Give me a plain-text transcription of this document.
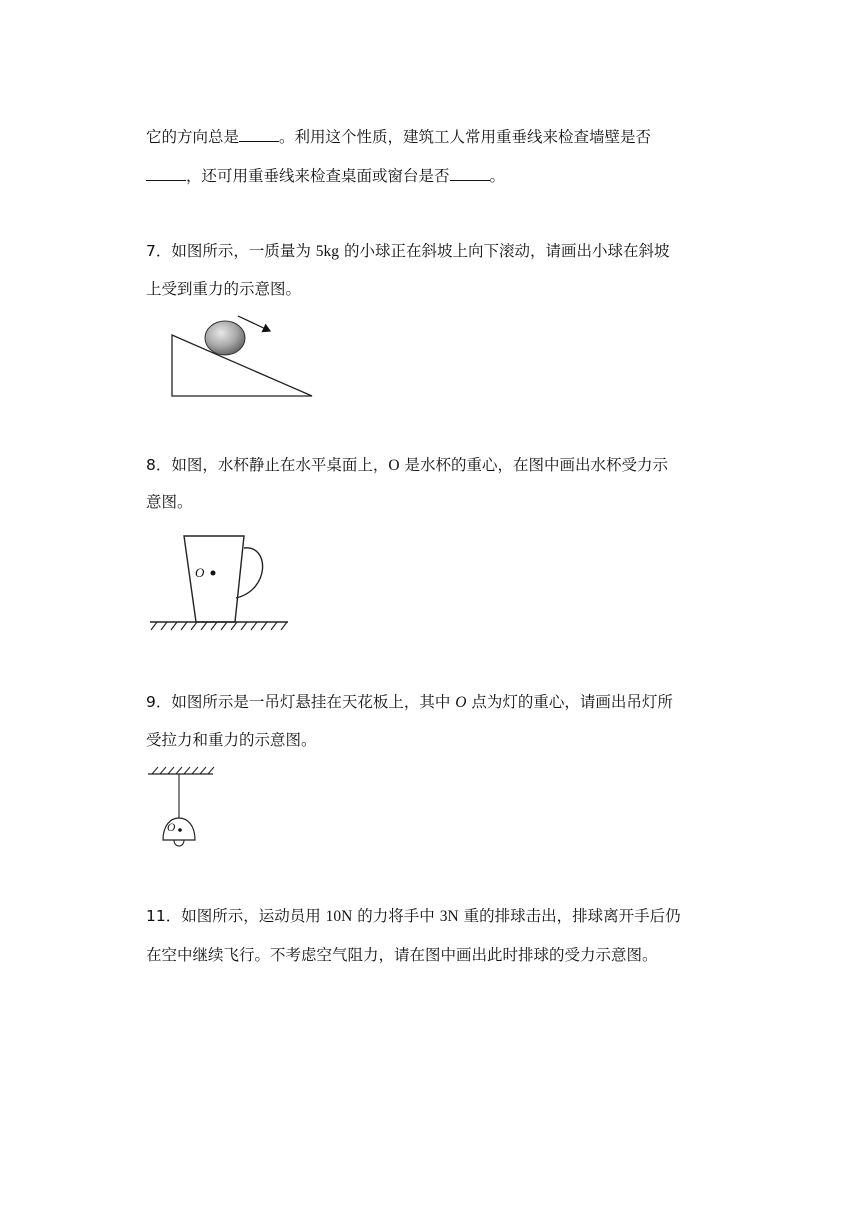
它的方向总是	。利用这个性质，建筑工人常用重垂线来检查墙壁是否
，还可用重垂线来检查桌面或窗台是否	。
7．如图所示，一质量为 5kg 的小球正在斜坡上向下滚动，请画出小球在斜坡
上受到重力的示意图。
8．如图，水杯静止在水平桌面上，O 是水杯的重心，在图中画出水杯受力示
意图。
O
9．如图所示是一吊灯悬挂在天花板上，其中 O 点为灯的重心，请画出吊灯所
受拉力和重力的示意图。
O
11．如图所示，运动员用 10N 的力将手中 3N 重的排球击出，排球离开手后仍
在空中继续飞行。不考虑空气阻力，请在图中画出此时排球的受力示意图。
